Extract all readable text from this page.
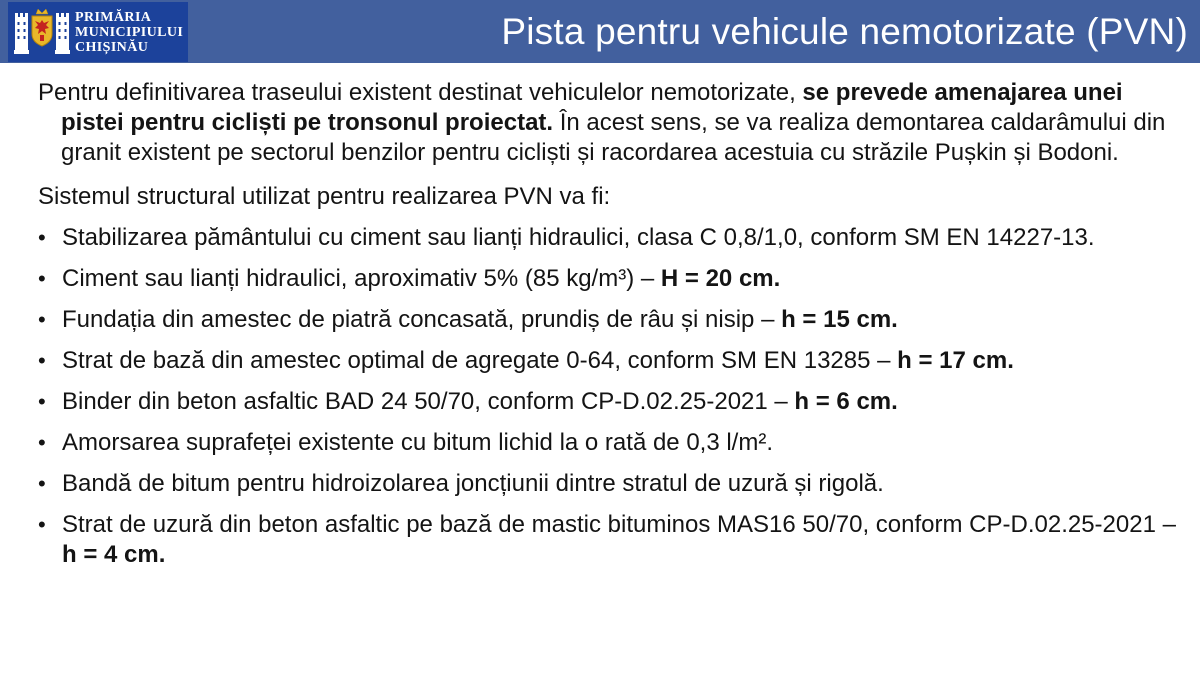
Pista pentru vehicule nemotorizate (PVN)
PRIMĂRIA
MUNICIPIULUI
CHIȘINĂU

Pentru definitivarea traseului existent destinat vehiculelor nemotorizate, se prevede amenajarea unei pistei pentru cicliști pe tronsonul proiectat. În acest sens, se va realiza demontarea caldarâmului din granit existent pe sectorul benzilor pentru cicliști și racordarea acestuia cu străzile Pușkin și Bodoni.

Sistemul structural utilizat pentru realizarea PVN va fi:

• Stabilizarea pământului cu ciment sau lianți hidraulici, clasa C 0,8/1,0, conform SM EN 14227-13.
• Ciment sau lianți hidraulici, aproximativ 5% (85 kg/m³) – H = 20 cm.
• Fundația din amestec de piatră concasată, prundiș de râu și nisip – h = 15 cm.
• Strat de bază din amestec optimal de agregate 0-64, conform SM EN 13285 – h = 17 cm.
• Binder din beton asfaltic BAD 24 50/70, conform CP-D.02.25-2021 – h = 6 cm.
• Amorsarea suprafeței existente cu bitum lichid la o rată de 0,3 l/m².
• Bandă de bitum pentru hidroizolarea joncțiunii dintre stratul de uzură și rigolă.
• Strat de uzură din beton asfaltic pe bază de mastic bituminos MAS16 50/70, conform CP-D.02.25-2021 – h = 4 cm.
